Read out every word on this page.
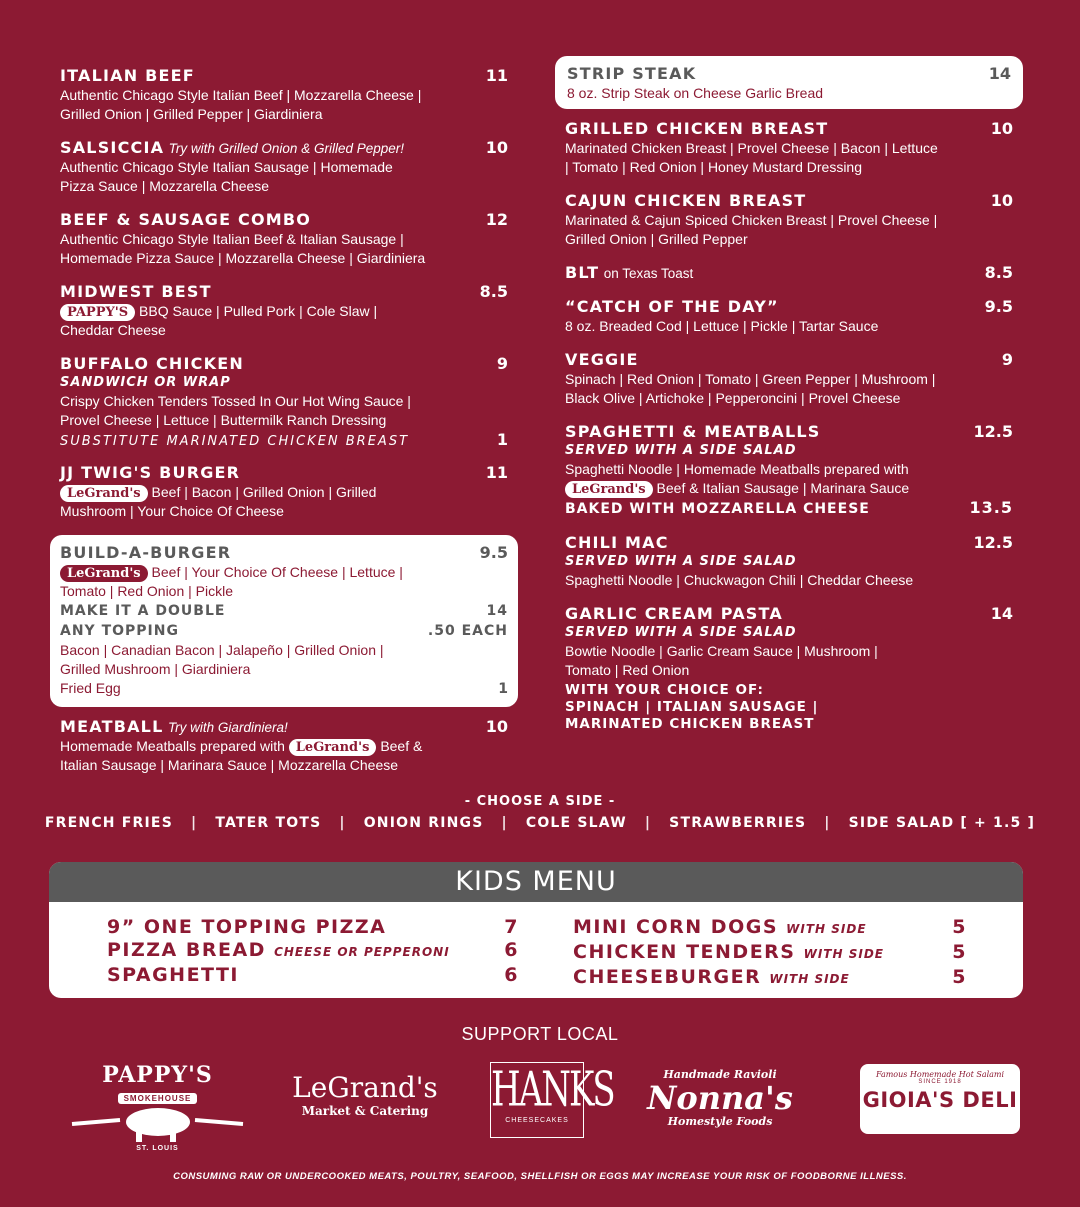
ITALIAN BEEF	11
Authentic Chicago Style Italian Beef | Mozzarella Cheese | Grilled Onion | Grilled Pepper | Giardiniera
SALSICCIA Try with Grilled Onion & Grilled Pepper!	10
Authentic Chicago Style Italian Sausage | Homemade Pizza Sauce | Mozzarella Cheese
BEEF & SAUSAGE COMBO	12
Authentic Chicago Style Italian Beef & Italian Sausage | Homemade Pizza Sauce | Mozzarella Cheese | Giardiniera
MIDWEST BEST	8.5
PAPPY'S BBQ Sauce | Pulled Pork | Cole Slaw | Cheddar Cheese
BUFFALO CHICKEN	9
SANDWICH OR WRAP
Crispy Chicken Tenders Tossed In Our Hot Wing Sauce | Provel Cheese | Lettuce | Buttermilk Ranch Dressing
SUBSTITUTE MARINATED CHICKEN BREAST	1
JJ TWIG'S BURGER	11
LeGrand's Beef | Bacon | Grilled Onion | Grilled Mushroom | Your Choice Of Cheese
BUILD-A-BURGER	9.5
LeGrand's Beef | Your Choice Of Cheese | Lettuce | Tomato | Red Onion | Pickle
MAKE IT A DOUBLE	14
ANY TOPPING	.50 EACH
Bacon | Canadian Bacon | Jalapeño | Grilled Onion | Grilled Mushroom | Giardiniera
Fried Egg	1
MEATBALL Try with Giardiniera!	10
Homemade Meatballs prepared with LeGrand's Beef & Italian Sausage | Marinara Sauce | Mozzarella Cheese
STRIP STEAK	14
8 oz. Strip Steak on Cheese Garlic Bread
GRILLED CHICKEN BREAST	10
Marinated Chicken Breast | Provel Cheese | Bacon | Lettuce | Tomato | Red Onion | Honey Mustard Dressing
CAJUN CHICKEN BREAST	10
Marinated & Cajun Spiced Chicken Breast | Provel Cheese | Grilled Onion | Grilled Pepper
BLT on Texas Toast	8.5
“CATCH OF THE DAY”	9.5
8 oz. Breaded Cod | Lettuce | Pickle | Tartar Sauce
VEGGIE	9
Spinach | Red Onion | Tomato | Green Pepper | Mushroom | Black Olive | Artichoke | Pepperoncini | Provel Cheese
SPAGHETTI & MEATBALLS	12.5
SERVED WITH A SIDE SALAD
Spaghetti Noodle | Homemade Meatballs prepared with LeGrand's Beef & Italian Sausage | Marinara Sauce
BAKED WITH MOZZARELLA CHEESE	13.5
CHILI MAC	12.5
SERVED WITH A SIDE SALAD
Spaghetti Noodle | Chuckwagon Chili | Cheddar Cheese
GARLIC CREAM PASTA	14
SERVED WITH A SIDE SALAD
Bowtie Noodle | Garlic Cream Sauce | Mushroom | Tomato | Red Onion
WITH YOUR CHOICE OF:
SPINACH | ITALIAN SAUSAGE |
MARINATED CHICKEN BREAST
- CHOOSE A SIDE -
FRENCH FRIES | TATER TOTS | ONION RINGS | COLE SLAW | STRAWBERRIES | SIDE SALAD [ + 1.5 ]
KIDS MENU
9” ONE TOPPING PIZZA	7
PIZZA BREAD CHEESE OR PEPPERONI	6
SPAGHETTI	6
MINI CORN DOGS WITH SIDE	5
CHICKEN TENDERS WITH SIDE	5
CHEESEBURGER WITH SIDE	5
SUPPORT LOCAL
PAPPY'S
SMOKEHOUSE
ST. LOUIS
LeGrand's
Market & Catering	HANKS
CHEESECAKES
Handmade Ravioli
Nonna's
Homestyle Foods
Famous Homemade Hot Salami
SINCE 1918
GIOIA'S DELI
CONSUMING RAW OR UNDERCOOKED MEATS, POULTRY, SEAFOOD, SHELLFISH OR EGGS MAY INCREASE YOUR RISK OF FOODBORNE ILLNESS.
